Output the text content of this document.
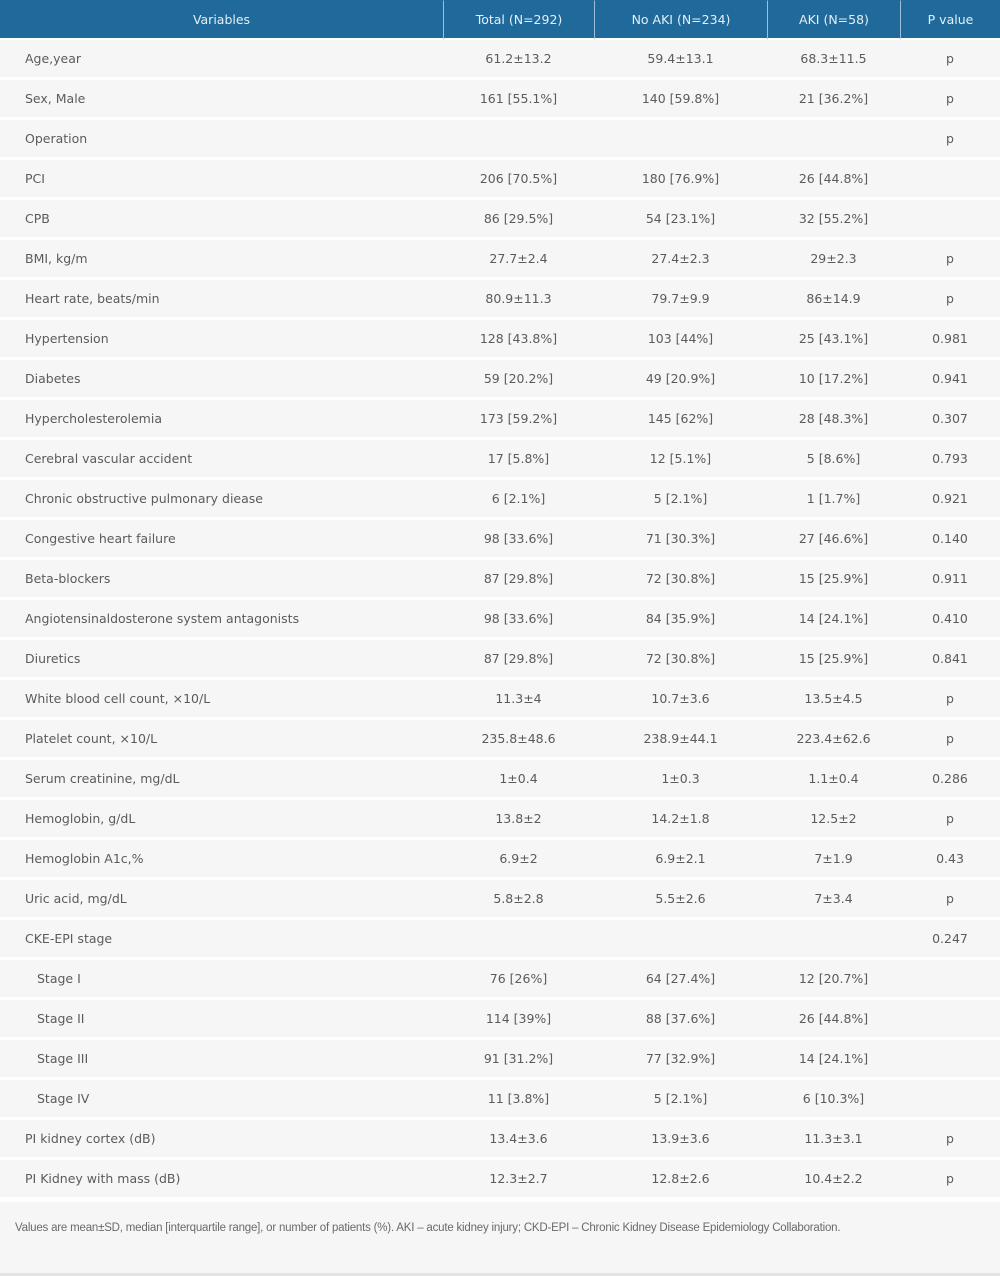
Variables	Total (N=292)	No AKI (N=234)	AKI (N=58)	P value
Age,year	61.2±13.2	59.4±13.1	68.3±11.5	p
Sex, Male	161 [55.1%]	140 [59.8%]	21 [36.2%]	p
Operation				p
PCI	206 [70.5%]	180 [76.9%]	26 [44.8%]	
CPB	86 [29.5%]	54 [23.1%]	32 [55.2%]	
BMI, kg/m	27.7±2.4	27.4±2.3	29±2.3	p
Heart rate, beats/min	80.9±11.3	79.7±9.9	86±14.9	p
Hypertension	128 [43.8%]	103 [44%]	25 [43.1%]	0.981
Diabetes	59 [20.2%]	49 [20.9%]	10 [17.2%]	0.941
Hypercholesterolemia	173 [59.2%]	145 [62%]	28 [48.3%]	0.307
Cerebral vascular accident	17 [5.8%]	12 [5.1%]	5 [8.6%]	0.793
Chronic obstructive pulmonary diease	6 [2.1%]	5 [2.1%]	1 [1.7%]	0.921
Congestive heart failure	98 [33.6%]	71 [30.3%]	27 [46.6%]	0.140
Beta-blockers	87 [29.8%]	72 [30.8%]	15 [25.9%]	0.911
Angiotensinaldosterone system antagonists	98 [33.6%]	84 [35.9%]	14 [24.1%]	0.410
Diuretics	87 [29.8%]	72 [30.8%]	15 [25.9%]	0.841
White blood cell count, ×10/L	11.3±4	10.7±3.6	13.5±4.5	p
Platelet count, ×10/L	235.8±48.6	238.9±44.1	223.4±62.6	p
Serum creatinine, mg/dL	1±0.4	1±0.3	1.1±0.4	0.286
Hemoglobin, g/dL	13.8±2	14.2±1.8	12.5±2	p
Hemoglobin A1c,%	6.9±2	6.9±2.1	7±1.9	0.43
Uric acid, mg/dL	5.8±2.8	5.5±2.6	7±3.4	p
CKE-EPI stage				0.247
Stage I	76 [26%]	64 [27.4%]	12 [20.7%]	
Stage II	114 [39%]	88 [37.6%]	26 [44.8%]	
Stage III	91 [31.2%]	77 [32.9%]	14 [24.1%]	
Stage IV	11 [3.8%]	5 [2.1%]	6 [10.3%]	
PI kidney cortex (dB)	13.4±3.6	13.9±3.6	11.3±3.1	p
PI Kidney with mass (dB)	12.3±2.7	12.8±2.6	10.4±2.2	p
Values are mean±SD, median [interquartile range], or number of patients (%). AKI – acute kidney injury; CKD-EPI – Chronic Kidney Disease Epidemiology Collaboration.
